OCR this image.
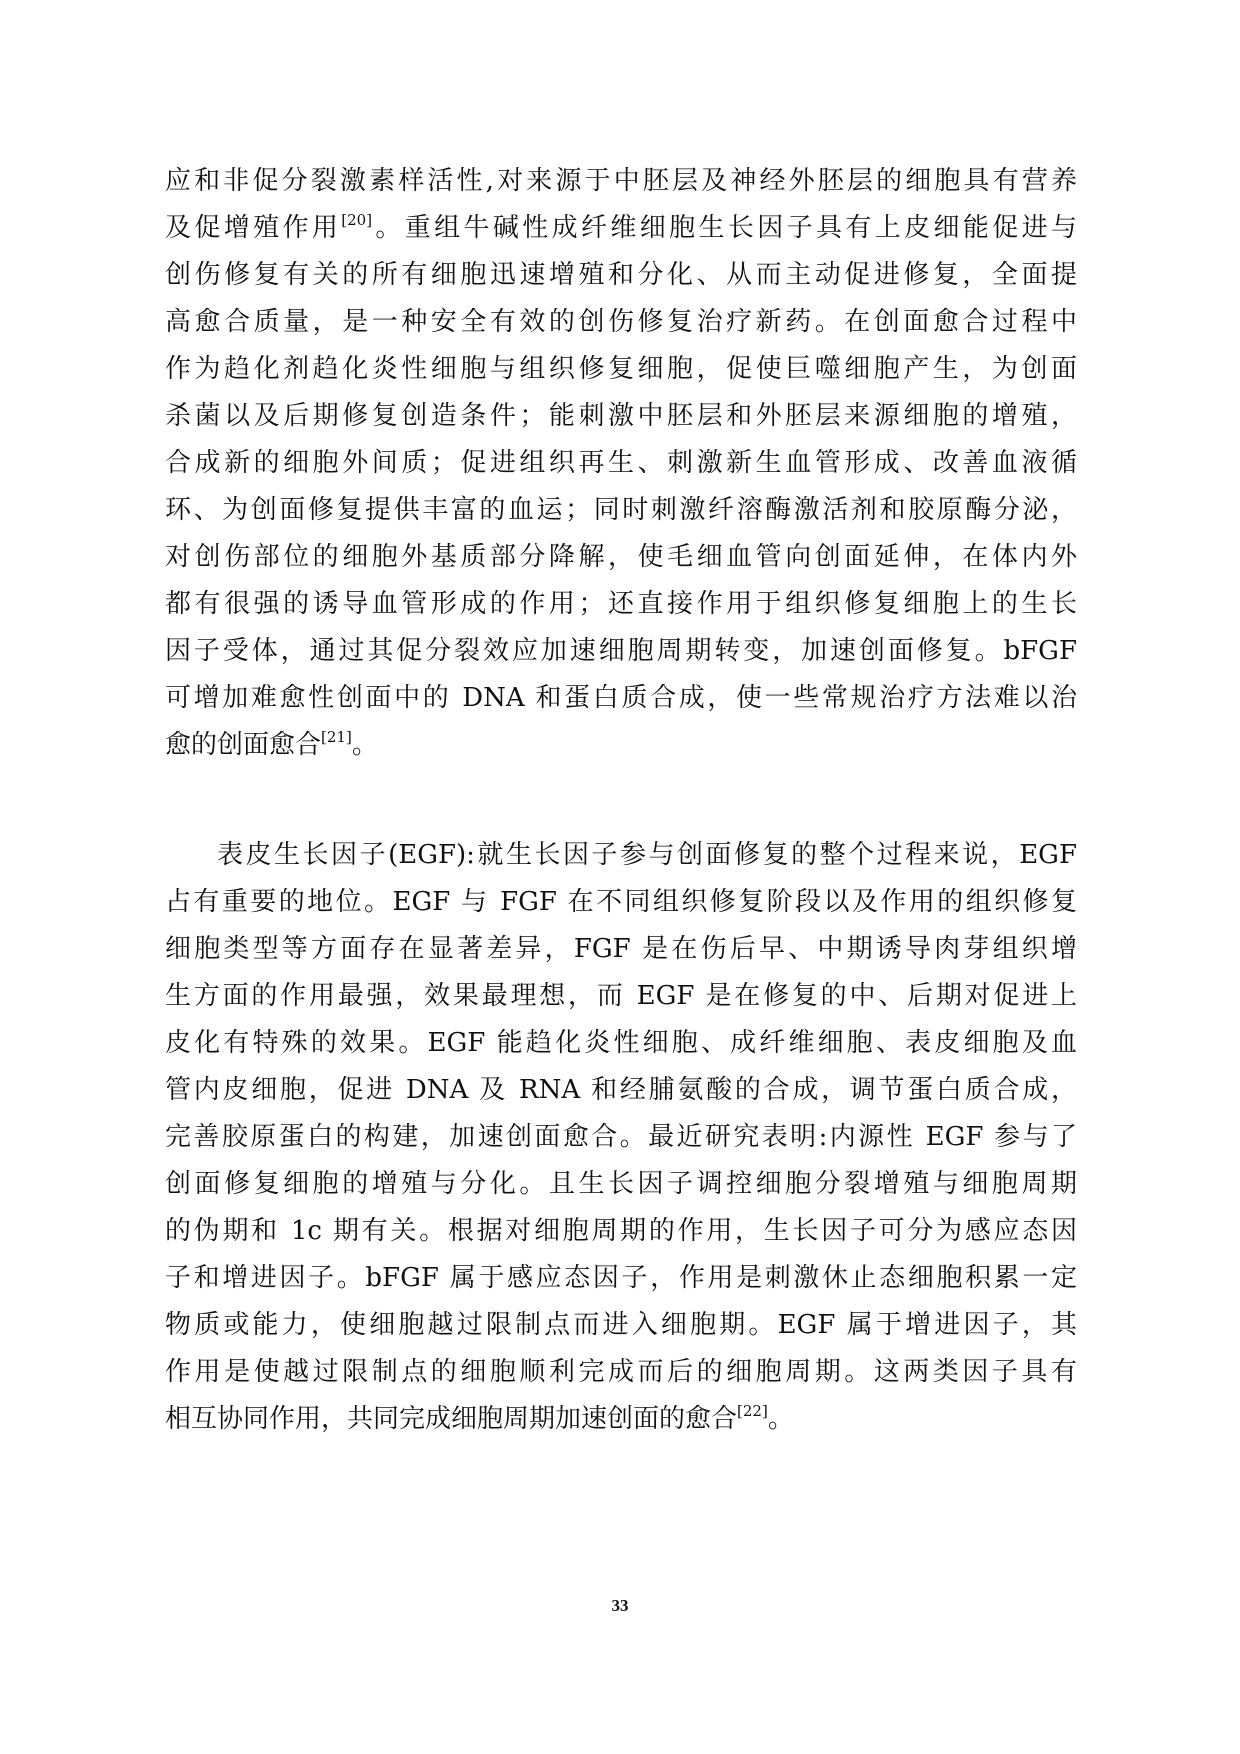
应和非促分裂激素样活性,对来源于中胚层及神经外胚层的细胞具有营养
及促增殖作用[20]。重组牛碱性成纤维细胞生长因子具有上皮细能促进与
创伤修复有关的所有细胞迅速增殖和分化、从而主动促进修复，全面提
高愈合质量，是一种安全有效的创伤修复治疗新药。在创面愈合过程中
作为趋化剂趋化炎性细胞与组织修复细胞，促使巨噬细胞产生，为创面
杀菌以及后期修复创造条件；能刺激中胚层和外胚层来源细胞的增殖，
合成新的细胞外间质；促进组织再生、刺激新生血管形成、改善血液循
环、为创面修复提供丰富的血运；同时刺激纤溶酶激活剂和胶原酶分泌，
对创伤部位的细胞外基质部分降解，使毛细血管向创面延伸，在体内外
都有很强的诱导血管形成的作用；还直接作用于组织修复细胞上的生长
因子受体，通过其促分裂效应加速细胞周期转变，加速创面修复。bFGF
可增加难愈性创面中的 DNA 和蛋白质合成，使一些常规治疗方法难以治
愈的创面愈合[21]。
表皮生长因子(EGF):就生长因子参与创面修复的整个过程来说，EGF
占有重要的地位。EGF 与 FGF 在不同组织修复阶段以及作用的组织修复
细胞类型等方面存在显著差异，FGF 是在伤后早、中期诱导肉芽组织增
生方面的作用最强，效果最理想，而 EGF 是在修复的中、后期对促进上
皮化有特殊的效果。EGF 能趋化炎性细胞、成纤维细胞、表皮细胞及血
管内皮细胞，促进 DNA 及 RNA 和经脯氨酸的合成，调节蛋白质合成，
完善胶原蛋白的构建，加速创面愈合。最近研究表明:内源性 EGF 参与了
创面修复细胞的增殖与分化。且生长因子调控细胞分裂增殖与细胞周期
的伪期和 1c 期有关。根据对细胞周期的作用，生长因子可分为感应态因
子和增进因子。bFGF 属于感应态因子，作用是刺激休止态细胞积累一定
物质或能力，使细胞越过限制点而进入细胞期。EGF 属于增进因子，其
作用是使越过限制点的细胞顺利完成而后的细胞周期。这两类因子具有
相互协同作用，共同完成细胞周期加速创面的愈合[22]。
33
